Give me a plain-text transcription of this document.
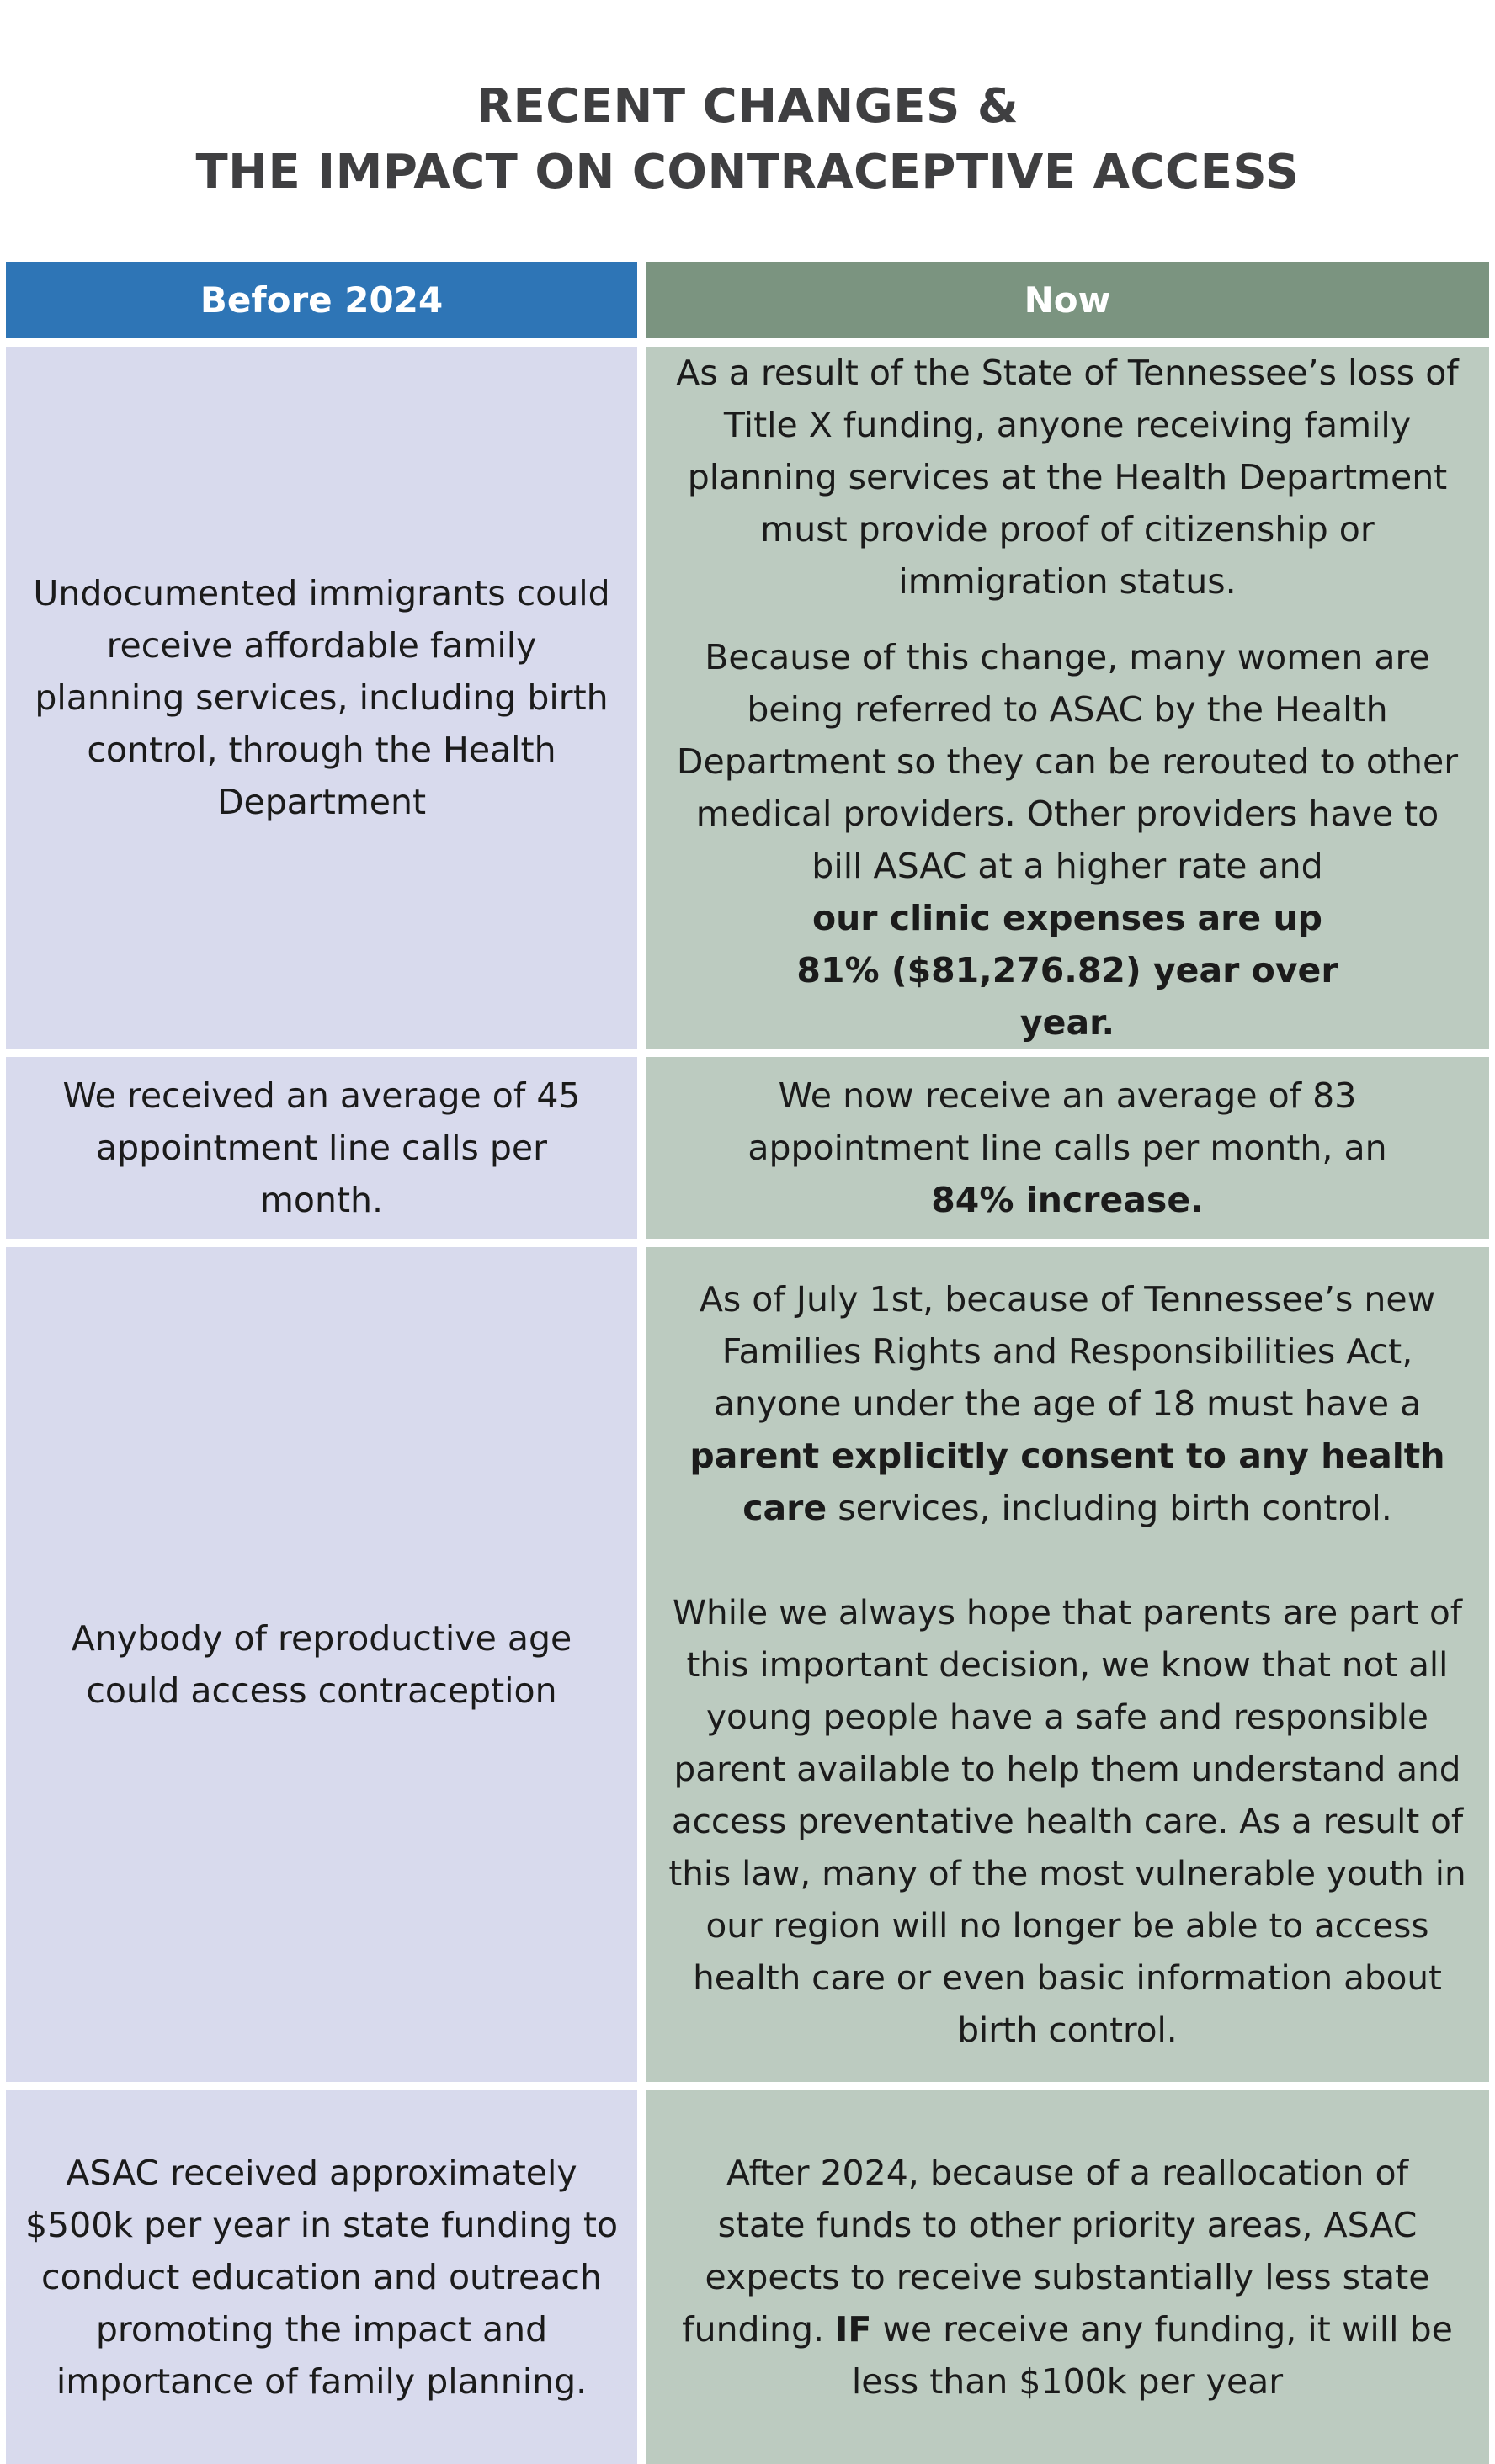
RECENT CHANGES &
THE IMPACT ON CONTRACEPTIVE ACCESS
Before 2024	Now
Undocumented immigrants could receive affordable family planning services, including birth control, through the Health Department
As a result of the State of Tennessee’s loss of Title X funding, anyone receiving family planning services at the Health Department must provide proof of citizenship or immigration status.
Because of this change, many women are being referred to ASAC by the Health Department so they can be rerouted to other medical providers. Other providers have to bill ASAC at a higher rate and
our clinic expenses are up 81% ($81,276.82) year over year.
We received an average of 45 appointment line calls per month.
We now receive an average of 83 appointment line calls per month, an 84% increase.
Anybody of reproductive age could access contraception
As of July 1st, because of Tennessee’s new Families Rights and Responsibilities Act, anyone under the age of 18 must have a parent explicitly consent to any health care services, including birth control.
While we always hope that parents are part of this important decision, we know that not all young people have a safe and responsible parent available to help them understand and access preventative health care. As a result of this law, many of the most vulnerable youth in our region will no longer be able to access health care or even basic information about birth control.
ASAC received approximately $500k per year in state funding to conduct education and outreach promoting the impact and importance of family planning.
After 2024, because of a reallocation of state funds to other priority areas, ASAC expects to receive substantially less state funding. IF we receive any funding, it will be less than $100k per year
